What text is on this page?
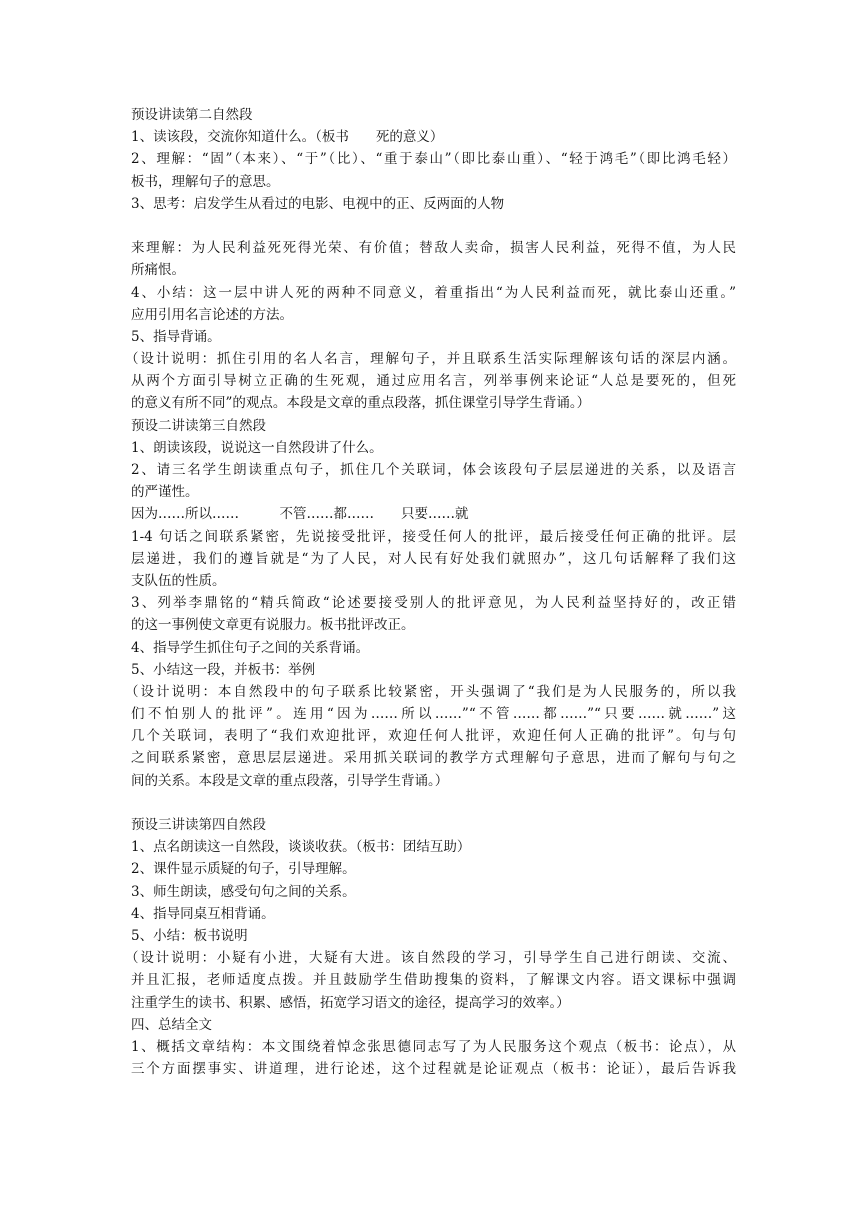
预设讲读第二自然段
1、读该段，交流你知道什么。（板书　　死的意义）
2、理解：“固”（本来）、“于”（比）、“重于泰山”（即比泰山重）、“轻于鸿毛”（即比鸿毛轻）
板书，理解句子的意思。
3、思考：启发学生从看过的电影、电视中的正、反两面的人物
来理解：为人民利益死死得光荣、有价值；替敌人卖命，损害人民利益，死得不值，为人民
所痛恨。
4、小结：这一层中讲人死的两种不同意义，着重指出“为人民利益而死，就比泰山还重。”
应用引用名言论述的方法。
5、指导背诵。
（设计说明：抓住引用的名人名言，理解句子，并且联系生活实际理解该句话的深层内涵。
从两个方面引导树立正确的生死观，通过应用名言，列举事例来论证“人总是要死的，但死
的意义有所不同”的观点。本段是文章的重点段落，抓住课堂引导学生背诵。）
预设二讲读第三自然段
1、朗读该段，说说这一自然段讲了什么。
2、请三名学生朗读重点句子，抓住几个关联词，体会该段句子层层递进的关系，以及语言
的严谨性。
因为……所以……　　　不管……都……　　只要……就
1-4 句话之间联系紧密，先说接受批评，接受任何人的批评，最后接受任何正确的批评。层
层递进，我们的遵旨就是“为了人民，对人民有好处我们就照办”，这几句话解释了我们这
支队伍的性质。
3、列举李鼎铭的“精兵简政“论述要接受别人的批评意见，为人民利益坚持好的，改正错
的这一事例使文章更有说服力。板书批评改正。
4、指导学生抓住句子之间的关系背诵。
5、小结这一段，并板书：举例
（设计说明：本自然段中的句子联系比较紧密，开头强调了“我们是为人民服务的，所以我
们不怕别人的批评”。连用“因为……所以……”“不管……都……”“只要……就……”这
几个关联词，表明了“我们欢迎批评，欢迎任何人批评，欢迎任何人正确的批评”。句与句
之间联系紧密，意思层层递进。采用抓关联词的教学方式理解句子意思，进而了解句与句之
间的关系。本段是文章的重点段落，引导学生背诵。）
预设三讲读第四自然段
1、点名朗读这一自然段，谈谈收获。（板书：团结互助）
2、课件显示质疑的句子，引导理解。
3、师生朗读，感受句句之间的关系。
4、指导同桌互相背诵。
5、小结：板书说明
（设计说明：小疑有小进，大疑有大进。该自然段的学习，引导学生自己进行朗读、交流、
并且汇报，老师适度点拨。并且鼓励学生借助搜集的资料，了解课文内容。语文课标中强调
注重学生的读书、积累、感悟，拓宽学习语文的途径，提高学习的效率。）
四、总结全文
1、概括文章结构：本文围绕着悼念张思德同志写了为人民服务这个观点（板书：论点），从
三个方面摆事实、讲道理，进行论述，这个过程就是论证观点（板书：论证），最后告诉我
